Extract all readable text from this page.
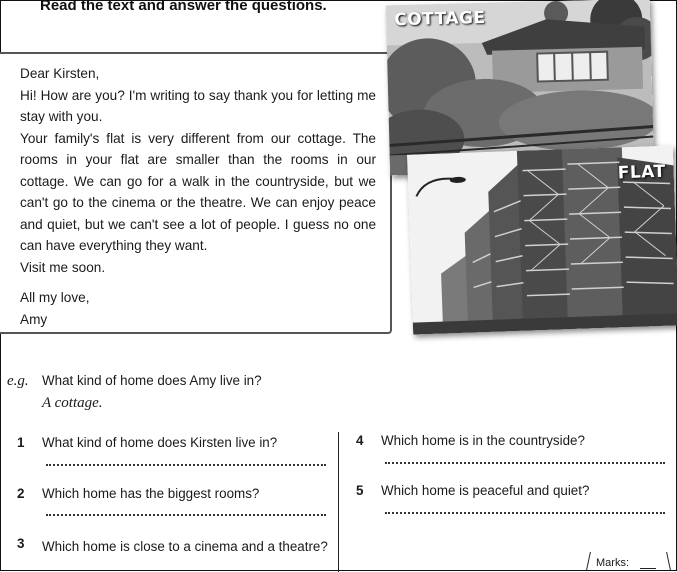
Read the text and answer the questions.

Dear Kirsten,

Hi! How are you? I'm writing to say thank you for letting me stay with you.

Your family's flat is very different from our cottage. The rooms in your flat are smaller than the rooms in our cottage. We can go for a walk in the countryside, but we can't go to the cinema or the theatre. We can enjoy peace and quiet, but we can't see a lot of people. I guess no one can have everything they want.

Visit me soon.

All my love,

Amy

COTTAGE
FLAT
e.g. What kind of home does Amy live in?
A cottage.
1 What kind of home does Kirsten live in?
2 Which home has the biggest rooms?
3 Which home is close to a cinema and a theatre?
4 Which home is in the countryside?
5 Which home is peaceful and quiet?
Marks:
